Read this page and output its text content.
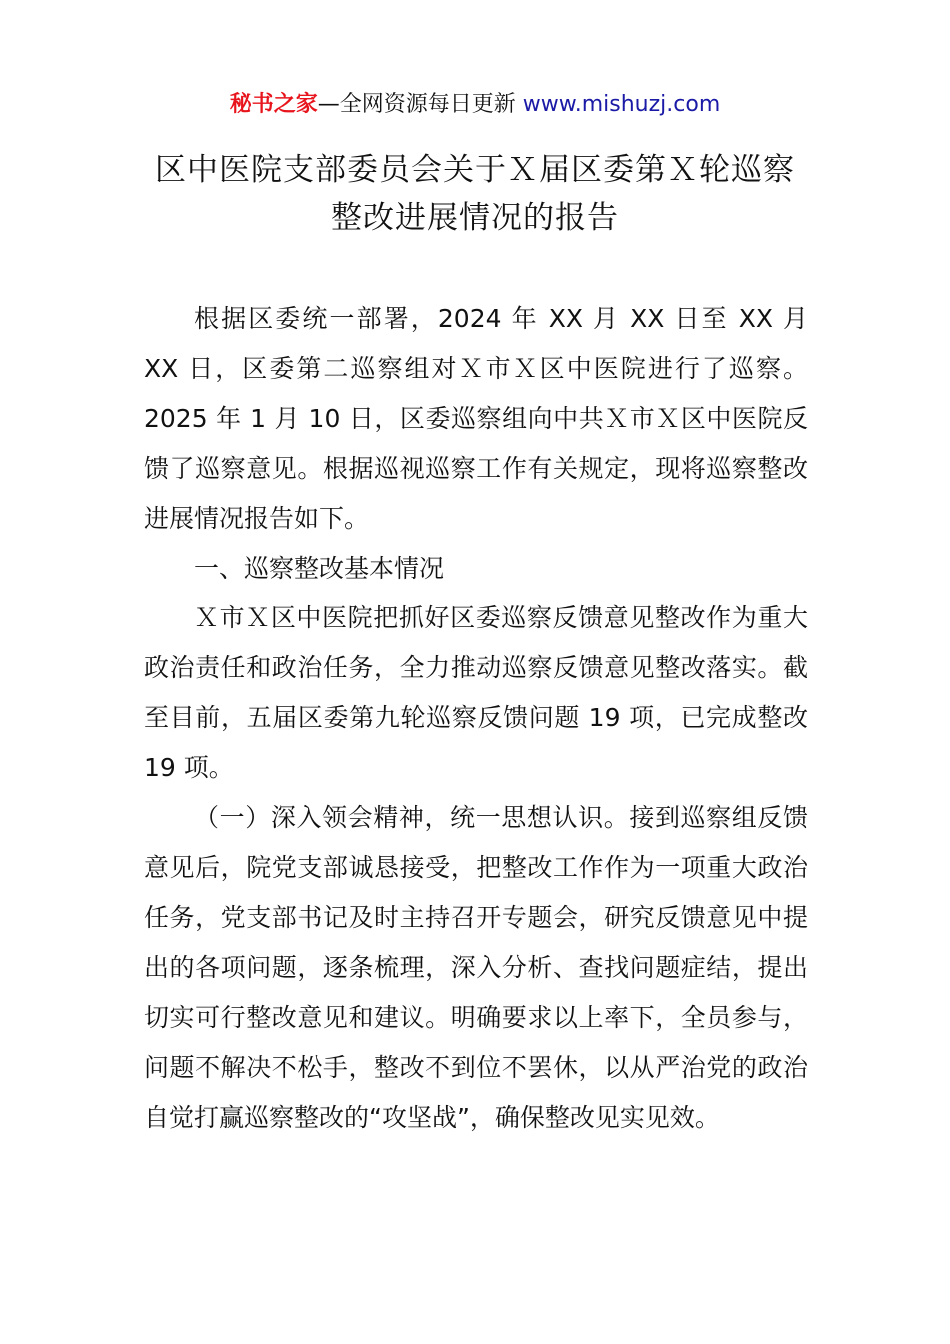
秘书之家—全网资源每日更新 www.mishuzj.com
区中医院支部委员会关于Ｘ届区委第Ｘ轮巡察
整改进展情况的报告

根据区委统一部署，2024 年 XX 月 XX 日至 XX 月 XX 日，区委第二巡察组对Ｘ市Ｘ区中医院进行了巡察。2025 年 1 月 10 日，区委巡察组向中共Ｘ市Ｘ区中医院反馈了巡察意见。根据巡视巡察工作有关规定，现将巡察整改进展情况报告如下。

一、巡察整改基本情况

Ｘ市Ｘ区中医院把抓好区委巡察反馈意见整改作为重大政治责任和政治任务，全力推动巡察反馈意见整改落实。截至目前，五届区委第九轮巡察反馈问题 19 项，已完成整改 19 项。

（一）深入领会精神，统一思想认识。接到巡察组反馈意见后，院党支部诚恳接受，把整改工作作为一项重大政治任务，党支部书记及时主持召开专题会，研究反馈意见中提出的各项问题，逐条梳理，深入分析、查找问题症结，提出切实可行整改意见和建议。明确要求以上率下，全员参与，问题不解决不松手，整改不到位不罢休，以从严治党的政治自觉打赢巡察整改的“攻坚战”，确保整改见实见效。
